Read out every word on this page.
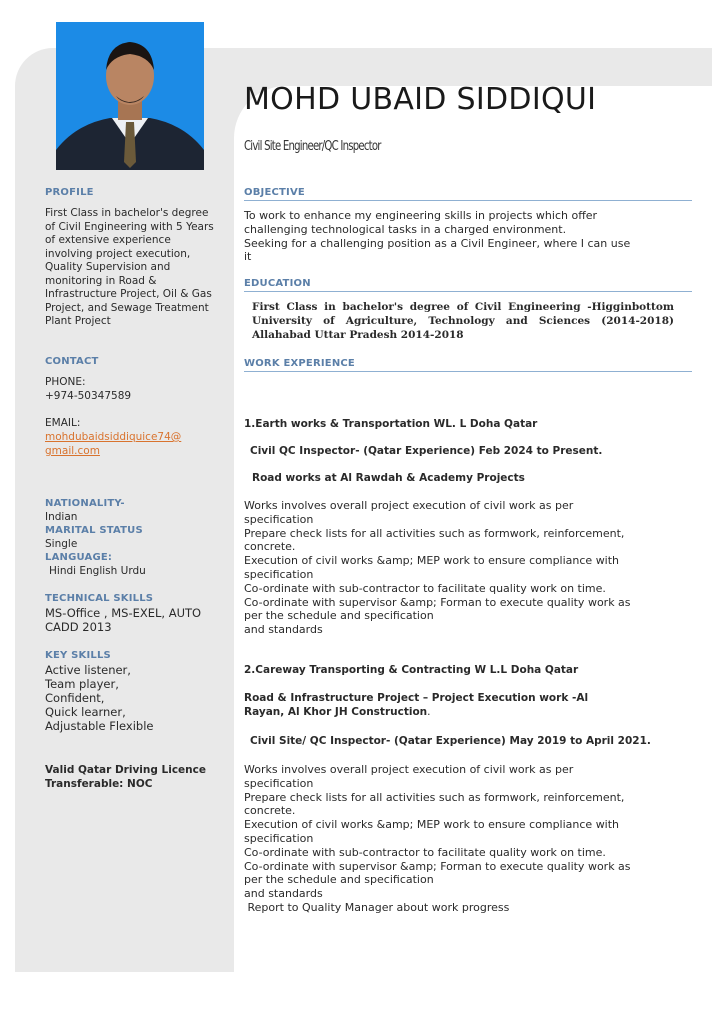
MOHD UBAID SIDDIQUI
Civil Site Engineer/QC Inspector
PROFILE
First Class in bachelor's degree of Civil Engineering with 5 Years of extensive experience involving project execution, Quality Supervision and monitoring in Road & Infrastructure Project, Oil & Gas Project, and Sewage Treatment Plant Project
CONTACT
PHONE:
+974-50347589
EMAIL:
mohdubaidsiddiquice74@
gmail.com
NATIONALITY-
Indian
MARITAL STATUS
Single
LANGUAGE:
Hindi English Urdu
TECHNICAL SKILLS
MS-Office , MS-EXEL, AUTO CADD 2013
KEY SKILLS
Active listener,
Team player,
Confident,
Quick learner,
Adjustable Flexible
Valid Qatar Driving Licence
Transferable: NOC
OBJECTIVE
To work to enhance my engineering skills in projects which offer
challenging technological tasks in a charged environment.
Seeking for a challenging position as a Civil Engineer, where I can use
it
EDUCATION
First Class in bachelor's degree of Civil Engineering -Higginbottom University of Agriculture, Technology and Sciences (2014-2018) Allahabad Uttar Pradesh 2014-2018
WORK EXPERIENCE
1.Earth works & Transportation WL. L Doha Qatar
Civil QC Inspector- (Qatar Experience) Feb 2024 to Present.
Road works at Al Rawdah & Academy Projects
Works involves overall project execution of civil work as per
specification
Prepare check lists for all activities such as formwork, reinforcement,
concrete.
Execution of civil works &amp; MEP work to ensure compliance with
specification
Co-ordinate with sub-contractor to facilitate quality work on time.
Co-ordinate with supervisor &amp; Forman to execute quality work as
per the schedule and specification
and standards
2.Careway Transporting & Contracting W L.L Doha Qatar
Road & Infrastructure Project – Project Execution work -Al
Rayan, Al Khor JH Construction.
Civil Site/ QC Inspector- (Qatar Experience) May 2019 to April 2021.
Works involves overall project execution of civil work as per
specification
Prepare check lists for all activities such as formwork, reinforcement,
concrete.
Execution of civil works &amp; MEP work to ensure compliance with
specification
Co-ordinate with sub-contractor to facilitate quality work on time.
Co-ordinate with supervisor &amp; Forman to execute quality work as
per the schedule and specification
and standards
Report to Quality Manager about work progress
